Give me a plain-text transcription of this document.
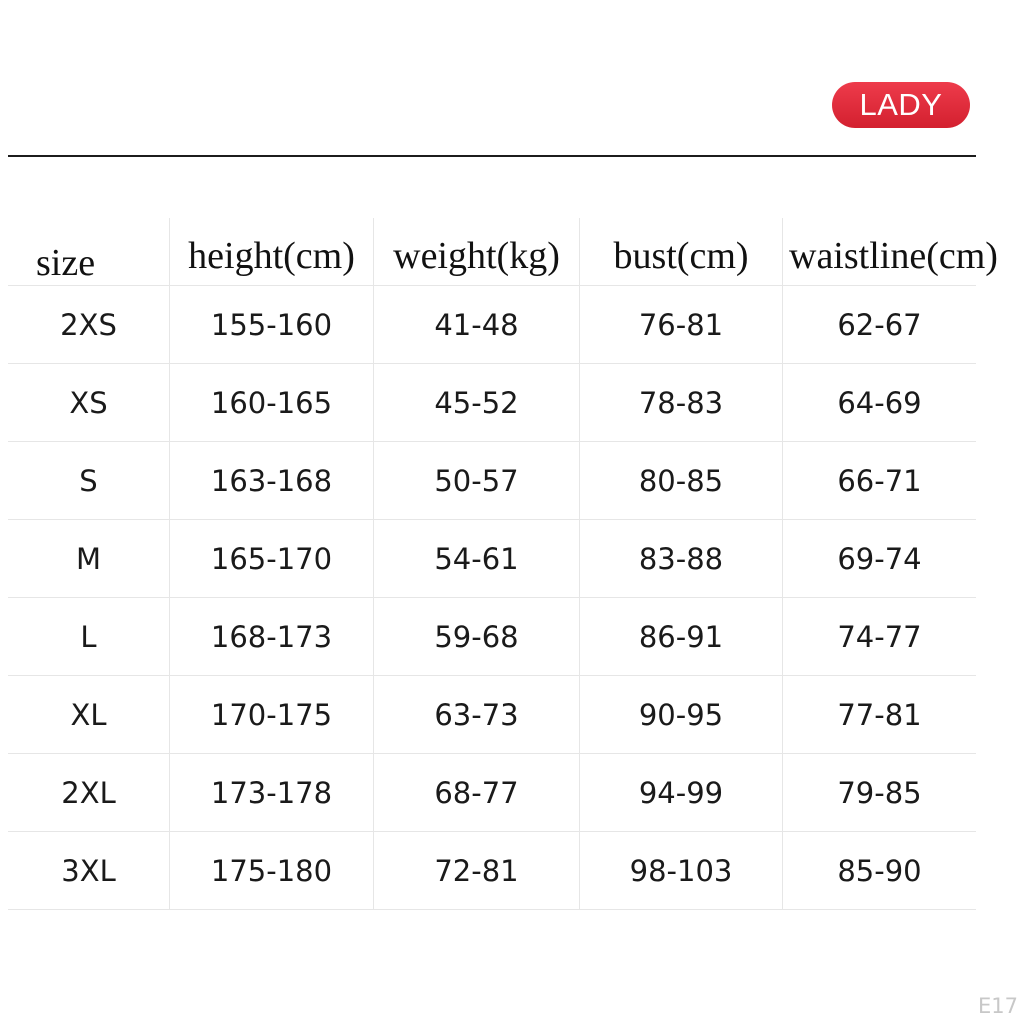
LADY
size	height(cm)	weight(kg)	bust(cm)	waistline(cm)
2XS	155-160	41-48	76-81	62-67
XS	160-165	45-52	78-83	64-69
S	163-168	50-57	80-85	66-71
M	165-170	54-61	83-88	69-74
L	168-173	59-68	86-91	74-77
XL	170-175	63-73	90-95	77-81
2XL	173-178	68-77	94-99	79-85
3XL	175-180	72-81	98-103	85-90
E17
